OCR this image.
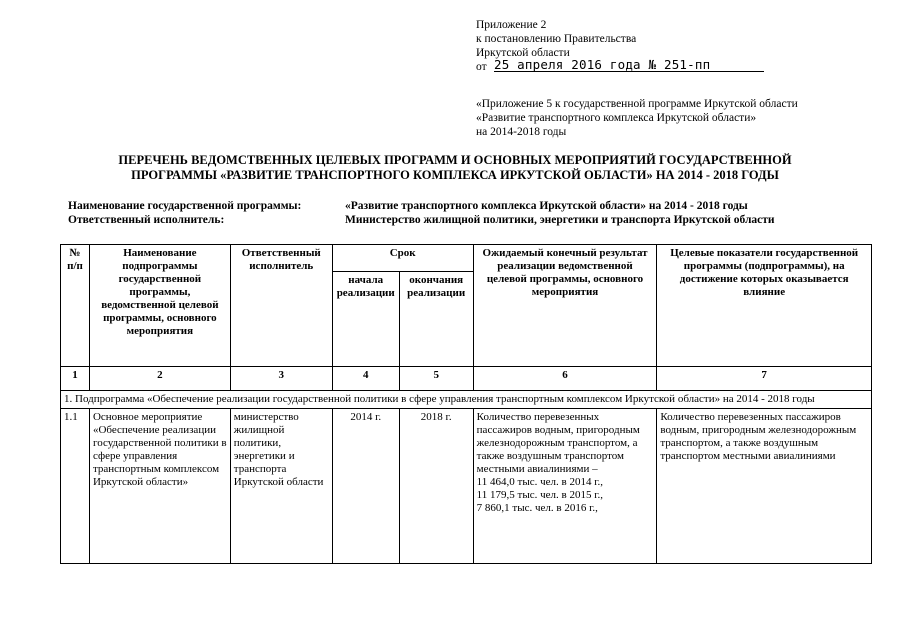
Приложение 2
к постановлению Правительства
Иркутской области
от 25 апреля 2016 года № 251-пп
«Приложение 5 к государственной программе Иркутской области
«Развитие транспортного комплекса Иркутской области»
на 2014-2018 годы
ПЕРЕЧЕНЬ ВЕДОМСТВЕННЫХ ЦЕЛЕВЫХ ПРОГРАММ И ОСНОВНЫХ МЕРОПРИЯТИЙ ГОСУДАРСТВЕННОЙ
ПРОГРАММЫ «РАЗВИТИЕ ТРАНСПОРТНОГО КОМПЛЕКСА ИРКУТСКОЙ ОБЛАСТИ» НА 2014 - 2018 ГОДЫ
Наименование государственной программы:
Ответственный исполнитель:
«Развитие транспортного комплекса Иркутской области» на 2014 - 2018 годы
Министерство жилищной политики, энергетики и транспорта Иркутской области
№ п/п	Наименование подпрограммы государственной программы, ведомственной целевой программы, основного мероприятия	Ответственный исполнитель	Срок		Ожидаемый конечный результат реализации ведомственной целевой программы, основного мероприятия	Целевые показатели государственной программы (подпрограммы), на достижение которых оказывается влияние
			начала реализации	окончания реализации		
1	2	3	4	5	6	7
1. Подпрограмма «Обеспечение реализации государственной политики в сфере управления транспортным комплексом Иркутской области» на 2014 - 2018 годы						
1.1	Основное мероприятие «Обеспечение реализации государственной политики в сфере управления транспортным комплексом Иркутской области»	министерство жилищной политики, энергетики и транспорта Иркутской области	2014 г.	2018 г.	Количество перевезенных пассажиров водным, пригородным железнодорожным транспортом, а также воздушным транспортом местными авиалиниями –
11 464,0 тыс. чел. в 2014 г.,
11 179,5 тыс. чел. в 2015 г.,
7 860,1 тыс. чел. в 2016 г.,	Количество перевезенных пассажиров водным, пригородным железнодорожным транспортом, а также воздушным транспортом местными авиалиниями
